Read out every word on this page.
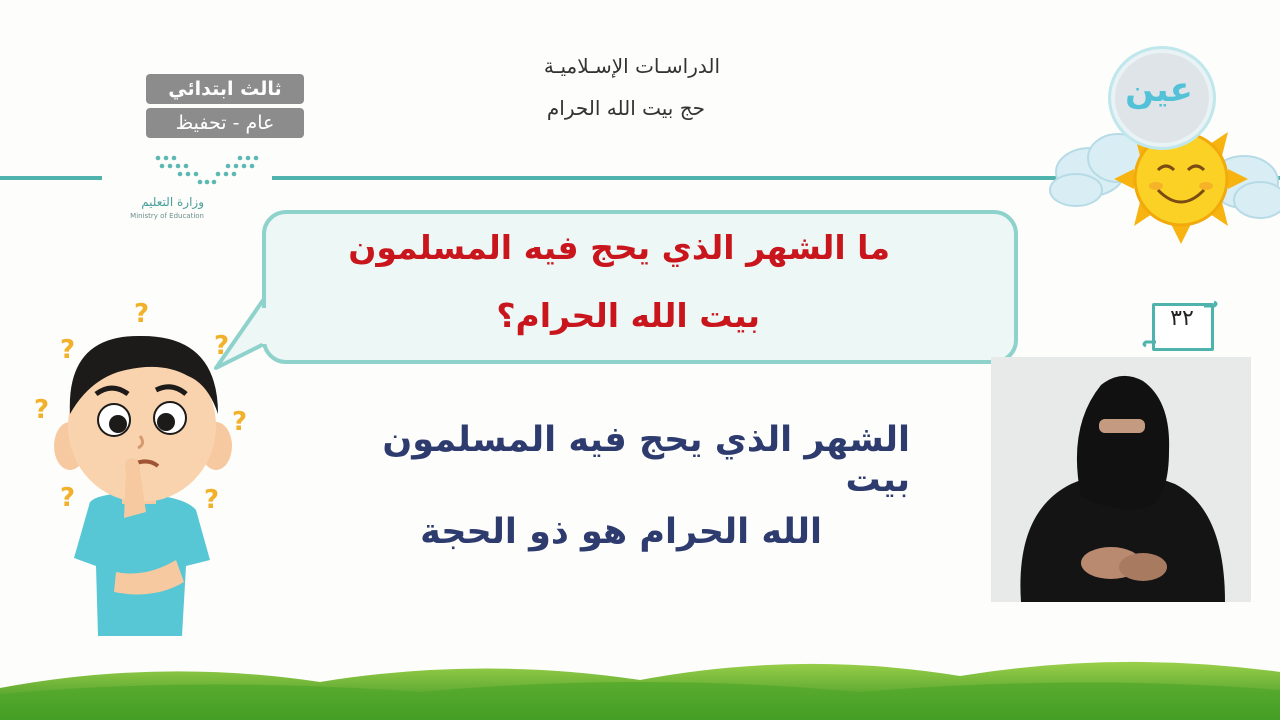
الدراسـات الإسـلاميـة
حج بيت الله الحرام
ثالث ابتدائي
عام - تحفيظ
وزارة التعليم
Ministry of Education
عين
٣٢
ما الشهر الذي يحج فيه المسلمون
بيت الله الحرام؟
الشهر الذي يحج فيه المسلمون بيت
الله الحرام هو ذو الحجة
?
?	?
?	?
?	?
